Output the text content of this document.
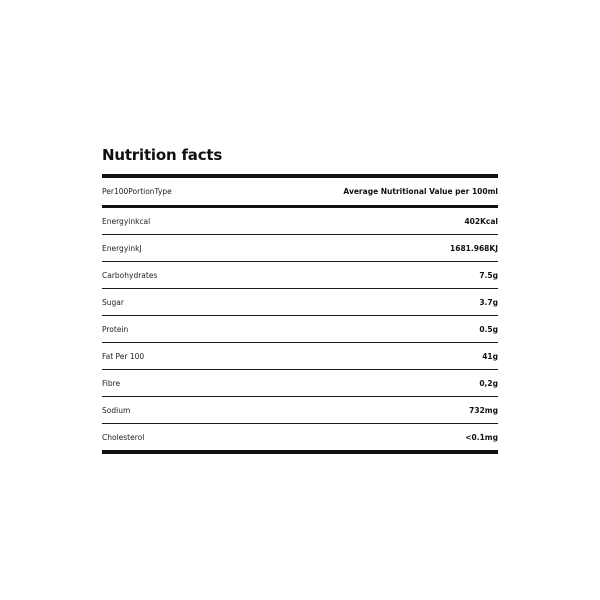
Nutrition facts
Per100PortionType	Average Nutritional Value per 100ml
Energyinkcal	402Kcal
EnergyinkJ	1681.968KJ
Carbohydrates	7.5g
Sugar	3.7g
Protein	0.5g
Fat Per 100	41g
Fibre	0,2g
Sodium	732mg
Cholesterol	<0.1mg
